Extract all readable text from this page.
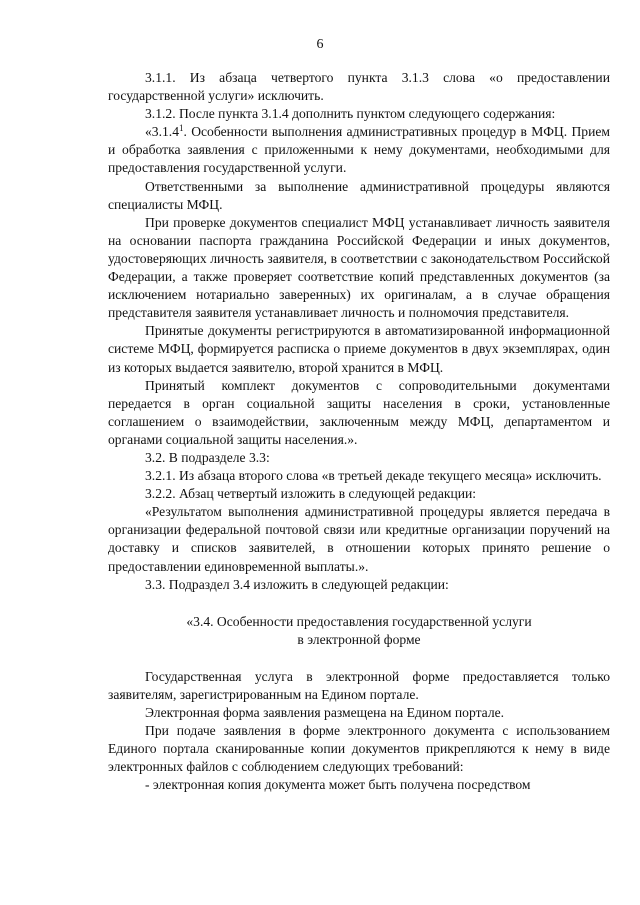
6

3.1.1. Из абзаца четвертого пункта 3.1.3 слова «о предоставлении государственной услуги» исключить.

3.1.2. После пункта 3.1.4 дополнить пунктом следующего содержания:

«3.1.4$^1$. Особенности выполнения административных процедур в МФЦ. Прием и обработка заявления с приложенными к нему документами, необходимыми для предоставления государственной услуги.

Ответственными за выполнение административной процедуры являются специалисты МФЦ.

При проверке документов специалист МФЦ устанавливает личность заявителя на основании паспорта гражданина Российской Федерации и иных документов, удостоверяющих личность заявителя, в соответствии с законодательством Российской Федерации, а также проверяет соответствие копий представленных документов (за исключением нотариально заверенных) их оригиналам, а в случае обращения представителя заявителя устанавливает личность и полномочия представителя.

Принятые документы регистрируются в автоматизированной информационной системе МФЦ, формируется расписка о приеме документов в двух экземплярах, один из которых выдается заявителю, второй хранится в МФЦ.

Принятый комплект документов с сопроводительными документами передается в орган социальной защиты населения в сроки, установленные соглашением о взаимодействии, заключенным между МФЦ, департаментом и органами социальной защиты населения.».

3.2. В подразделе 3.3:

3.2.1. Из абзаца второго слова «в третьей декаде текущего месяца» исключить.

3.2.2. Абзац четвертый изложить в следующей редакции:

«Результатом выполнения административной процедуры является передача в организации федеральной почтовой связи или кредитные организации поручений на доставку и списков заявителей, в отношении которых принято решение о предоставлении единовременной выплаты.».

3.3. Подраздел 3.4 изложить в следующей редакции:

«3.4. Особенности предоставления государственной услуги
в электронной форме

Государственная услуга в электронной форме предоставляется только заявителям, зарегистрированным на Едином портале.

Электронная форма заявления размещена на Едином портале.

При подаче заявления в форме электронного документа с использованием Единого портала сканированные копии документов прикрепляются к нему в виде электронных файлов с соблюдением следующих требований:

- электронная копия документа может быть получена посредством
